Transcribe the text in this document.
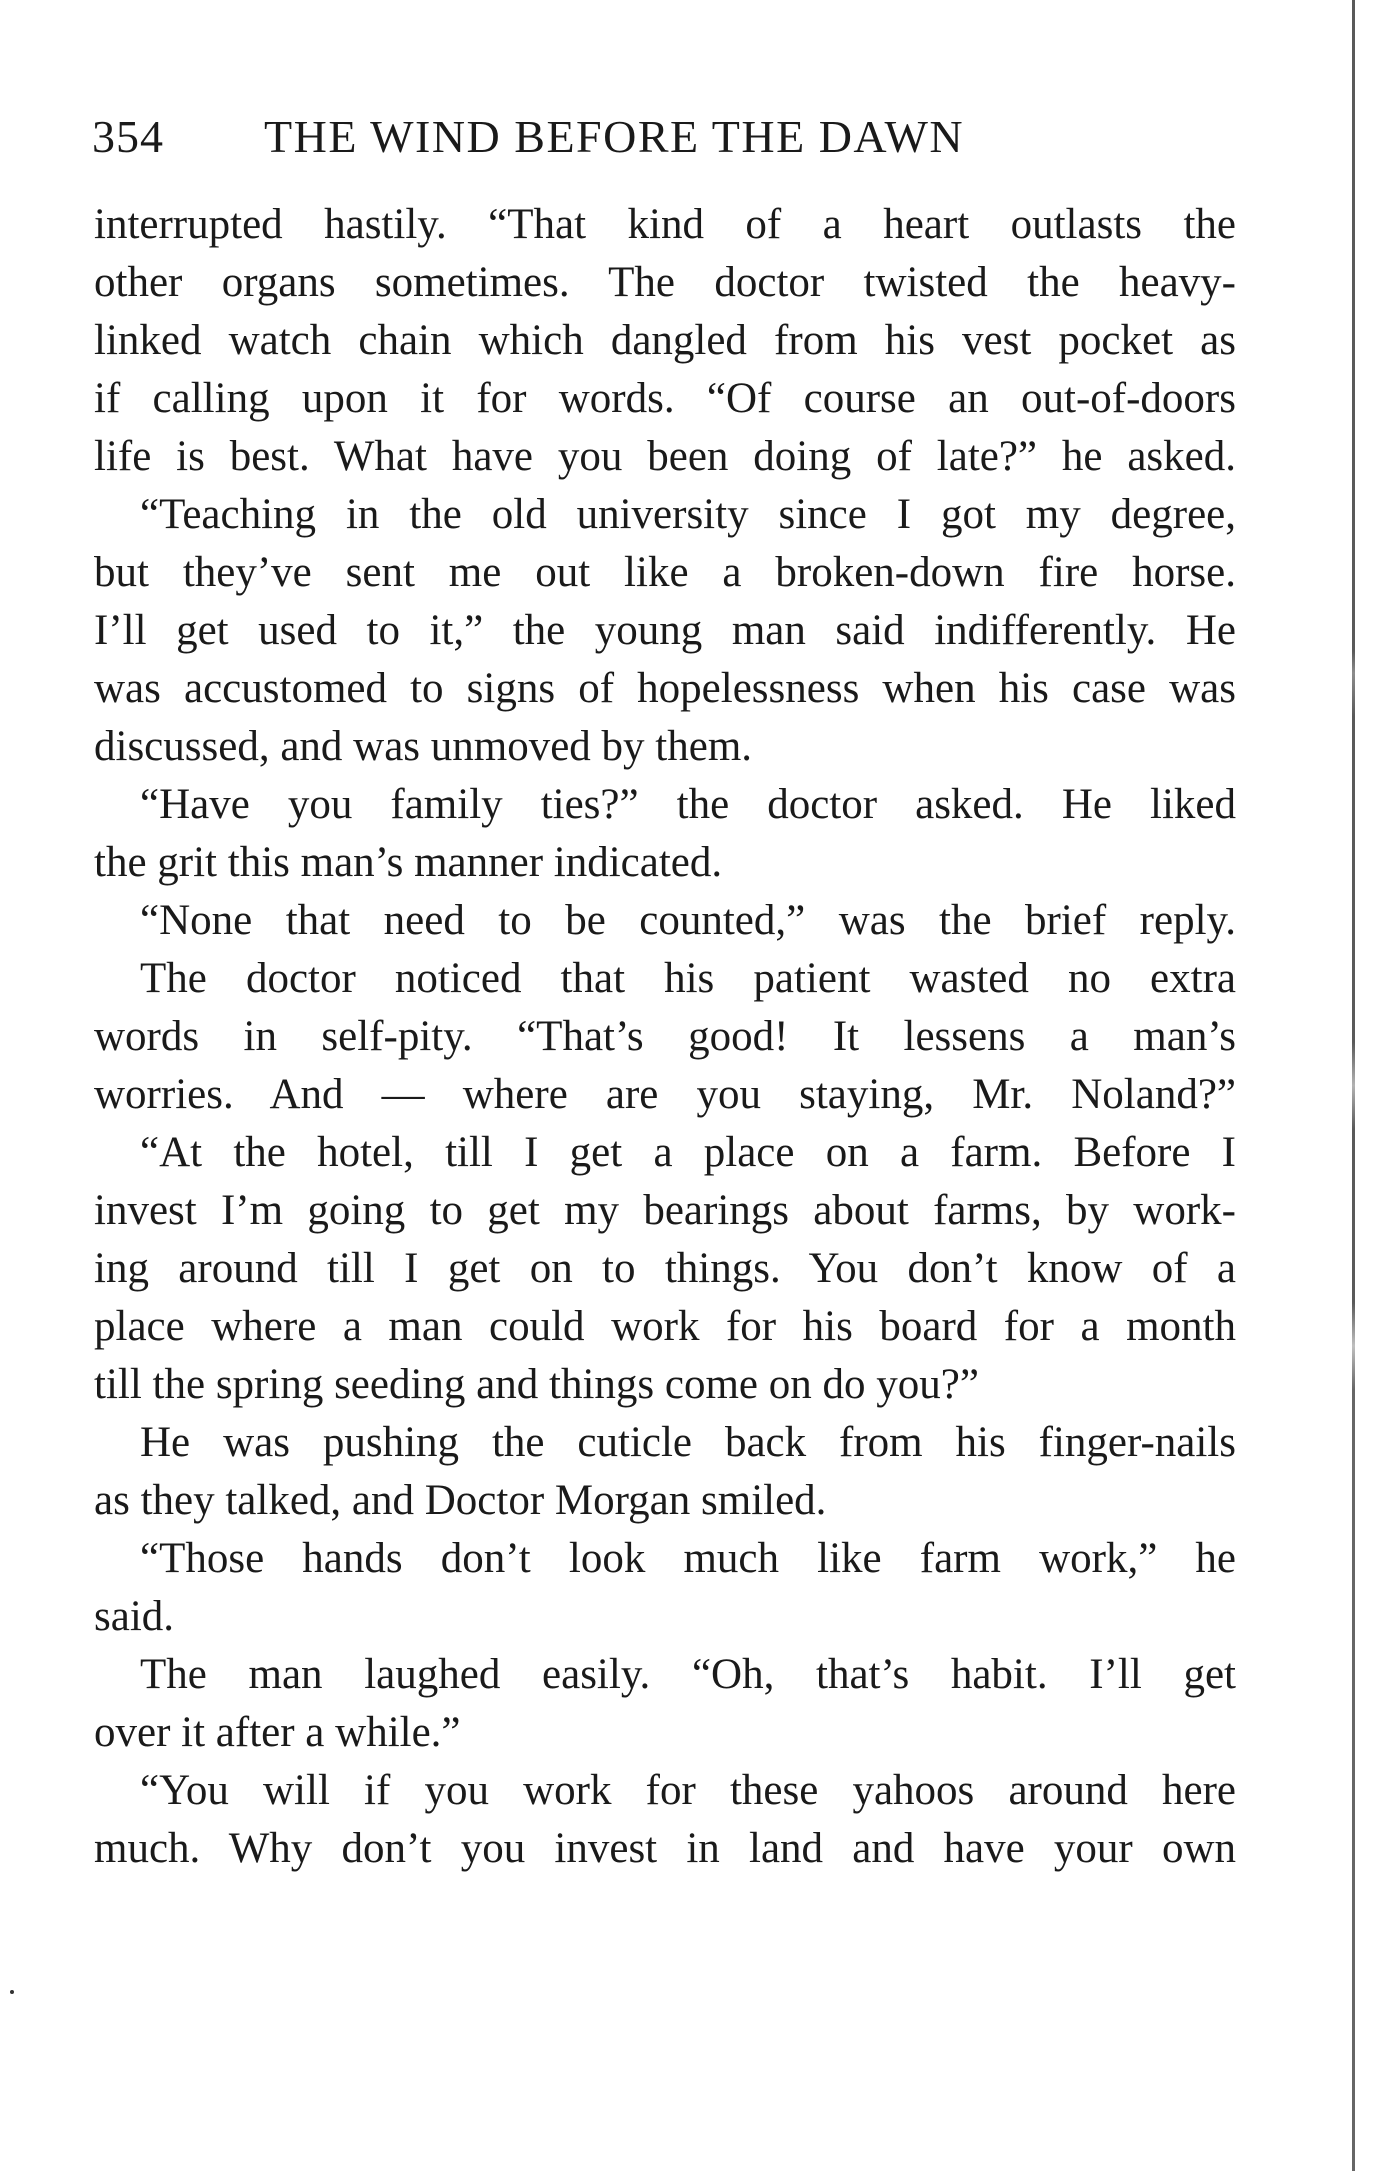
354 THE WIND BEFORE THE DAWN
interrupted hastily. “That kind of a heart outlasts the
other organs sometimes. The doctor twisted the heavy-
linked watch chain which dangled from his vest pocket as
if calling upon it for words. “Of course an out-of-doors
life is best. What have you been doing of late?” he asked.
“Teaching in the old university since I got my degree,
but they’ve sent me out like a broken-down fire horse.
I’ll get used to it,” the young man said indifferently. He
was accustomed to signs of hopelessness when his case was
discussed, and was unmoved by them.
“Have you family ties?” the doctor asked. He liked
the grit this man’s manner indicated.
“None that need to be counted,” was the brief reply.
The doctor noticed that his patient wasted no extra
words in self-pity. “That’s good! It lessens a man’s
worries. And — where are you staying, Mr. Noland?”
“At the hotel, till I get a place on a farm. Before I
invest I’m going to get my bearings about farms, by work-
ing around till I get on to things. You don’t know of a
place where a man could work for his board for a month
till the spring seeding and things come on do you?”
He was pushing the cuticle back from his finger-nails
as they talked, and Doctor Morgan smiled.
“Those hands don’t look much like farm work,” he
said.
The man laughed easily. “Oh, that’s habit. I’ll get
over it after a while.”
“You will if you work for these yahoos around here
much. Why don’t you invest in land and have your own
